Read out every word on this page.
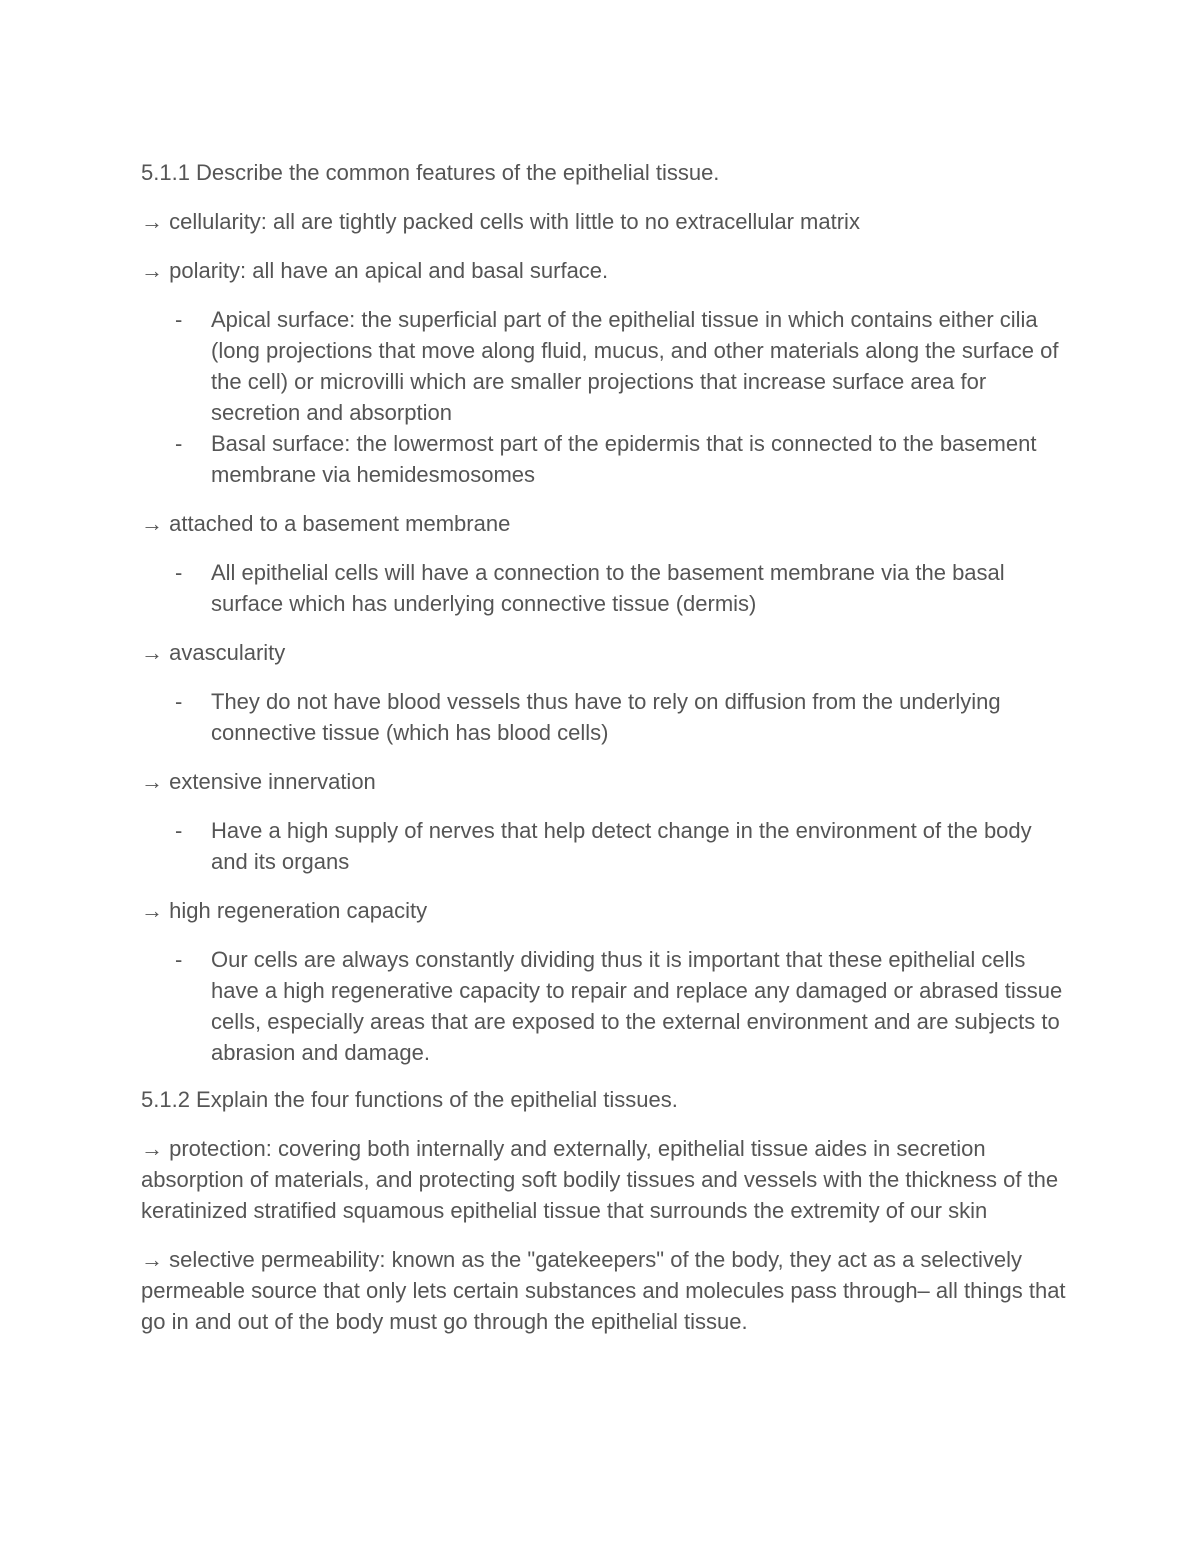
5.1.1 Describe the common features of the epithelial tissue.

→ cellularity: all are tightly packed cells with little to no extracellular matrix

→ polarity: all have an apical and basal surface.

- Apical surface: the superficial part of the epithelial tissue in which contains either cilia (long projections that move along fluid, mucus, and other materials along the surface of the cell) or microvilli which are smaller projections that increase surface area for secretion and absorption
- Basal surface: the lowermost part of the epidermis that is connected to the basement membrane via hemidesmosomes

→ attached to a basement membrane

- All epithelial cells will have a connection to the basement membrane via the basal surface which has underlying connective tissue (dermis)

→ avascularity

- They do not have blood vessels thus have to rely on diffusion from the underlying connective tissue (which has blood cells)

→ extensive innervation

- Have a high supply of nerves that help detect change in the environment of the body and its organs

→ high regeneration capacity

- Our cells are always constantly dividing thus it is important that these epithelial cells have a high regenerative capacity to repair and replace any damaged or abrased tissue cells, especially areas that are exposed to the external environment and are subjects to abrasion and damage.

5.1.2 Explain the four functions of the epithelial tissues.

→ protection: covering both internally and externally, epithelial tissue aides in secretion absorption of materials, and protecting soft bodily tissues and vessels with the thickness of the keratinized stratified squamous epithelial tissue that surrounds the extremity of our skin

→ selective permeability: known as the "gatekeepers" of the body, they act as a selectively permeable source that only lets certain substances and molecules pass through– all things that go in and out of the body must go through the epithelial tissue.
